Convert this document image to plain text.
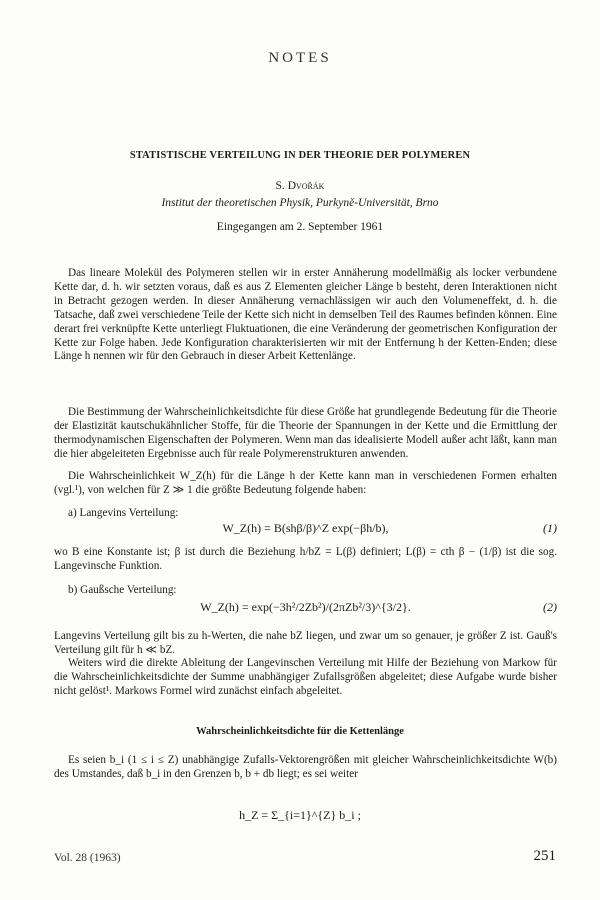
NOTES
STATISTISCHE VERTEILUNG IN DER THEORIE DER POLYMEREN
S. Dvořák
Institut der theoretischen Physik, Purkyně-Universität, Brno
Eingegangen am 2. September 1961

Das lineare Molekül des Polymeren stellen wir in erster Annäherung modellmäßig als locker verbundene Kette dar, d. h. wir setzten voraus, daß es aus Z Elementen gleicher Länge b besteht, deren Interaktionen nicht in Betracht gezogen werden. In dieser Annäherung vernachlässigen wir auch den Volumeneffekt, d. h. die Tatsache, daß zwei verschiedene Teile der Kette sich nicht in demselben Teil des Raumes befinden können. Eine derart frei verknüpfte Kette unterliegt Fluktuationen, die eine Veränderung der geometrischen Konfiguration der Kette zur Folge haben. Jede Konfiguration charakterisierten wir mit der Entfernung h der Ketten-Enden; diese Länge h nennen wir für den Gebrauch in dieser Arbeit Kettenlänge.

Die Bestimmung der Wahrscheinlichkeitsdichte für diese Größe hat grundlegende Bedeutung für die Theorie der Elastizität kautschukähnlicher Stoffe, für die Theorie der Spannungen in der Kette und die Ermittlung der thermodynamischen Eigenschaften der Polymeren. Wenn man das idealisierte Modell außer acht läßt, kann man die hier abgeleiteten Ergebnisse auch für reale Polymerenstrukturen anwenden.

Die Wahrscheinlichkeit W_Z(h) für die Länge h der Kette kann man in verschiedenen Formen erhalten (vgl.¹), von welchen für Z ≫ 1 die größte Bedeutung folgende haben:

a) Langevins Verteilung:

W_Z(h) = B(shβ/β)^Z exp(−βh/b),	(1)

wo B eine Konstante ist; β ist durch die Beziehung h/bZ = L(β) definiert; L(β) = cth β − (1/β) ist die sog. Langevinsche Funktion.

b) Gaußsche Verteilung:

W_Z(h) = exp(−3h²/2Zb²)/(2πZb²/3)^{3/2}.	(2)

Langevins Verteilung gilt bis zu h-Werten, die nahe bZ liegen, und zwar um so genauer, je größer Z ist. Gauß's Verteilung gilt für h ≪ bZ.

Weiters wird die direkte Ableitung der Langevinschen Verteilung mit Hilfe der Beziehung von Markow für die Wahrscheinlichkeitsdichte der Summe unabhängiger Zufallsgrößen abgeleitet; diese Aufgabe wurde bisher nicht gelöst¹. Markows Formel wird zunächst einfach abgeleitet.

Wahrscheinlichkeitsdichte für die Kettenlänge

Es seien b_i (1 ≤ i ≤ Z) unabhängige Zufalls-Vektorengrößen mit gleicher Wahrscheinlichkeitsdichte W(b) des Umstandes, daß b_i in den Grenzen b, b + db liegt; es sei weiter

h_Z = Σ_{i=1}^{Z} b_i ;
Vol. 28 (1963)	251
